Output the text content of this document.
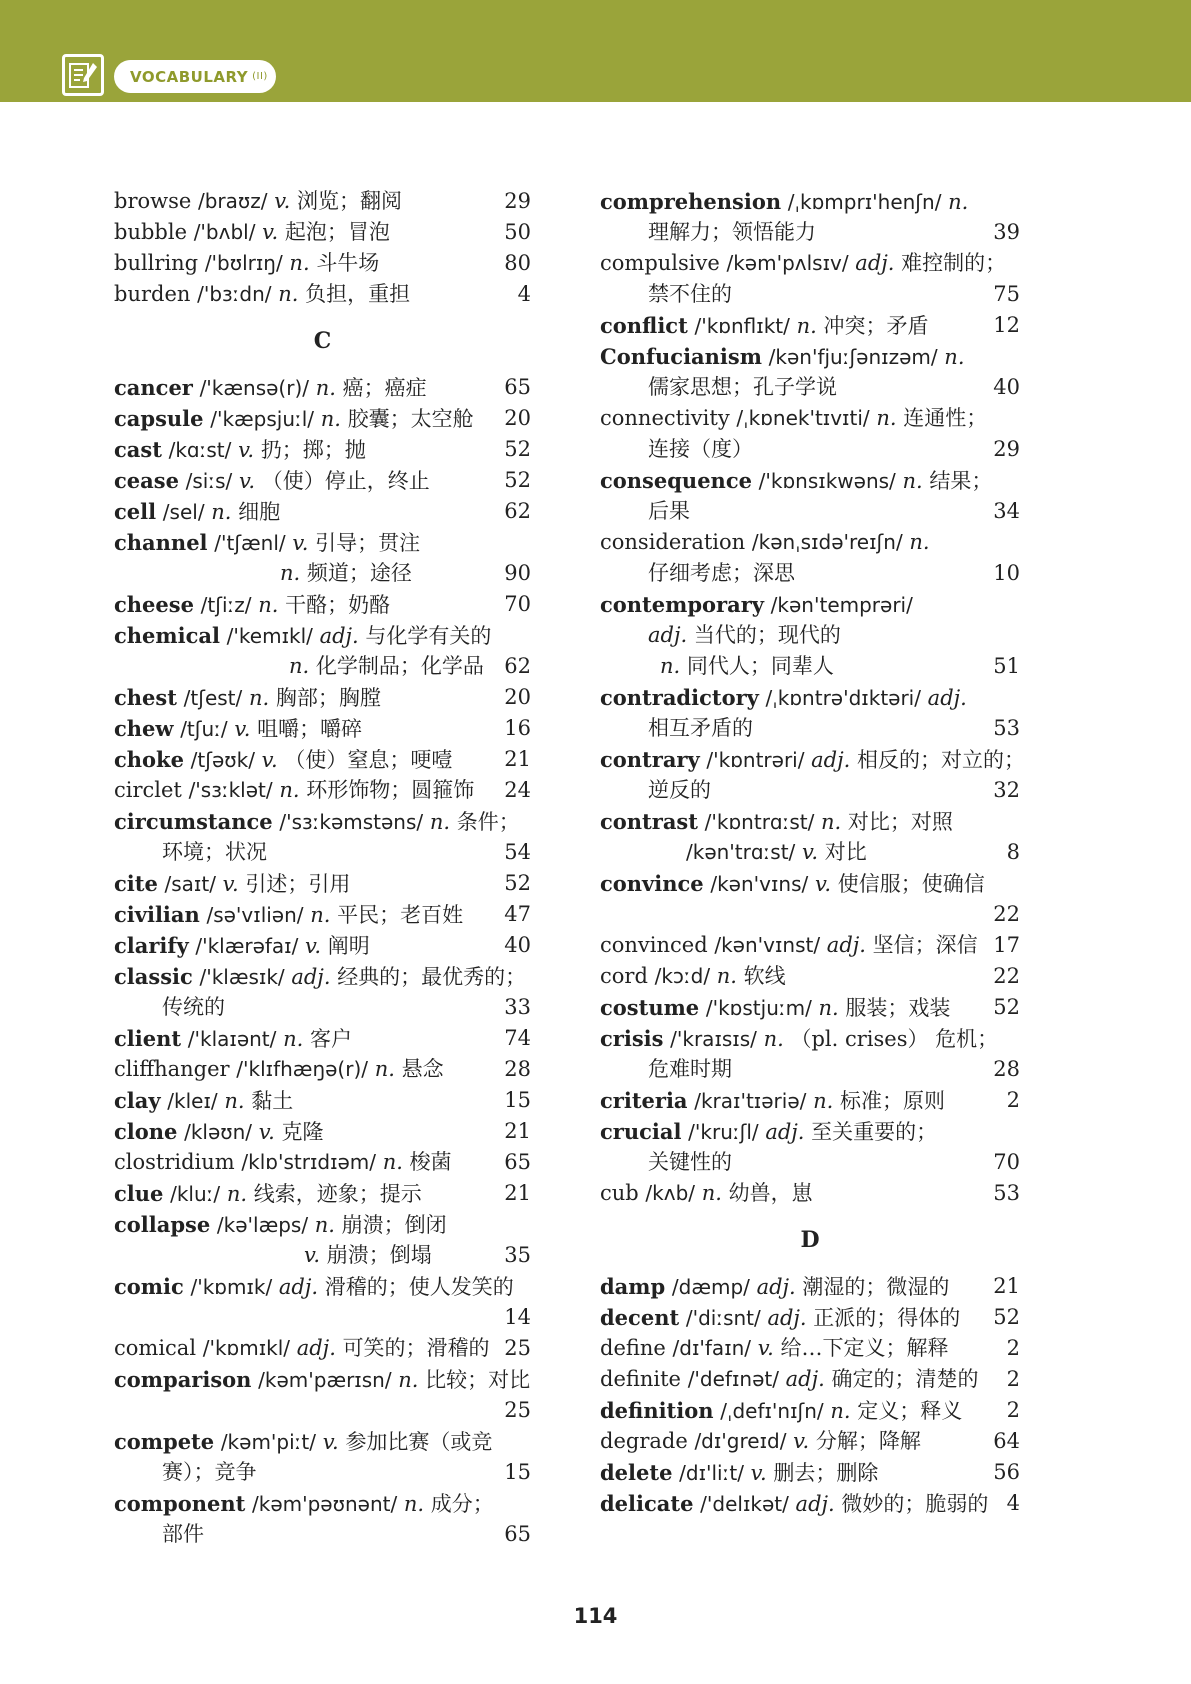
VOCABULARY (II)
browse /braʊz/ v. 浏览；翻阅	29
bubble /'bʌbl/ v. 起泡；冒泡	50
bullring /'bʊlrɪŋ/ n. 斗牛场	80
burden /'bɜːdn/ n. 负担，重担	4
C
cancer /'kænsə(r)/ n. 癌；癌症	65
capsule /'kæpsjuːl/ n. 胶囊；太空舱 20
cast /kɑːst/ v. 扔；掷；抛	52
cease /siːs/ v. （使）停止，终止	52
cell /sel/ n. 细胞	62
channel /'tʃænl/ v. 引导；贯注
n. 频道；途径	90
cheese /tʃiːz/ n. 干酪；奶酪	70
chemical /'kemɪkl/ adj. 与化学有关的
n. 化学制品；化学品 62
chest /tʃest/ n. 胸部；胸膛	20
chew /tʃuː/ v. 咀嚼；嚼碎	16
choke /tʃəʊk/ v. （使）窒息；哽噎 21
circlet /'sɜːklət/ n. 环形饰物；圆箍饰 24
circumstance /'sɜːkəmstəns/ n. 条件；
环境；状况	54
cite /saɪt/ v. 引述；引用	52
civilian /sə'vɪliən/ n. 平民；老百姓 47
clarify /'klærəfaɪ/ v. 阐明	40
classic /'klæsɪk/ adj. 经典的；最优秀的；
传统的	33
client /'klaɪənt/ n. 客户	74
cliffhanger /'klɪfhæŋə(r)/ n. 悬念	28
clay /kleɪ/ n. 黏土	15
clone /kləʊn/ v. 克隆	21
clostridium /klɒ'strɪdɪəm/ n. 梭菌	65
clue /kluː/ n. 线索，迹象；提示	21
collapse /kə'læps/ n. 崩溃；倒闭
v. 崩溃；倒塌	35
comic /'kɒmɪk/ adj. 滑稽的；使人发笑的
14
comical /'kɒmɪkl/ adj. 可笑的；滑稽的 25
comparison /kəm'pærɪsn/ n. 比较；对比
25
compete /kəm'piːt/ v. 参加比赛（或竞
赛）；竞争	15
component /kəm'pəʊnənt/ n. 成分；
部件	65
comprehension /ˌkɒmprɪ'henʃn/ n.
理解力；领悟能力	39
compulsive /kəm'pʌlsɪv/ adj. 难控制的；
禁不住的	75
conflict /'kɒnflɪkt/ n. 冲突；矛盾	12
Confucianism /kən'fjuːʃənɪzəm/ n.
儒家思想；孔子学说	40
connectivity /ˌkɒnek'tɪvɪti/ n. 连通性；
连接（度）	29
consequence /'kɒnsɪkwəns/ n. 结果；
后果	34
consideration /kənˌsɪdə'reɪʃn/ n.
仔细考虑；深思	10
contemporary /kən'temprəri/
adj. 当代的；现代的
n. 同代人；同辈人	51
contradictory /ˌkɒntrə'dɪktəri/ adj.
相互矛盾的	53
contrary /'kɒntrəri/ adj. 相反的；对立的；
逆反的	32
contrast /'kɒntrɑːst/ n. 对比；对照
/kən'trɑːst/ v. 对比	8
convince /kən'vɪns/ v. 使信服；使确信
22
convinced /kən'vɪnst/ adj. 坚信；深信 17
cord /kɔːd/ n. 软线	22
costume /'kɒstjuːm/ n. 服装；戏装 52
crisis /'kraɪsɪs/ n. （pl. crises） 危机；
危难时期	28
criteria /kraɪ'tɪəriə/ n. 标准；原则	2
crucial /'kruːʃl/ adj. 至关重要的；
关键性的	70
cub /kʌb/ n. 幼兽，崽	53
D
damp /dæmp/ adj. 潮湿的；微湿的 21
decent /'diːsnt/ adj. 正派的；得体的 52
define /dɪ'faɪn/ v. 给…下定义；解释	2
definite /'defɪnət/ adj. 确定的；清楚的 2
definition /ˌdefɪ'nɪʃn/ n. 定义；释义 2
degrade /dɪ'greɪd/ v. 分解；降解	64
delete /dɪ'liːt/ v. 删去；删除	56
delicate /'delɪkət/ adj. 微妙的；脆弱的 4
114
